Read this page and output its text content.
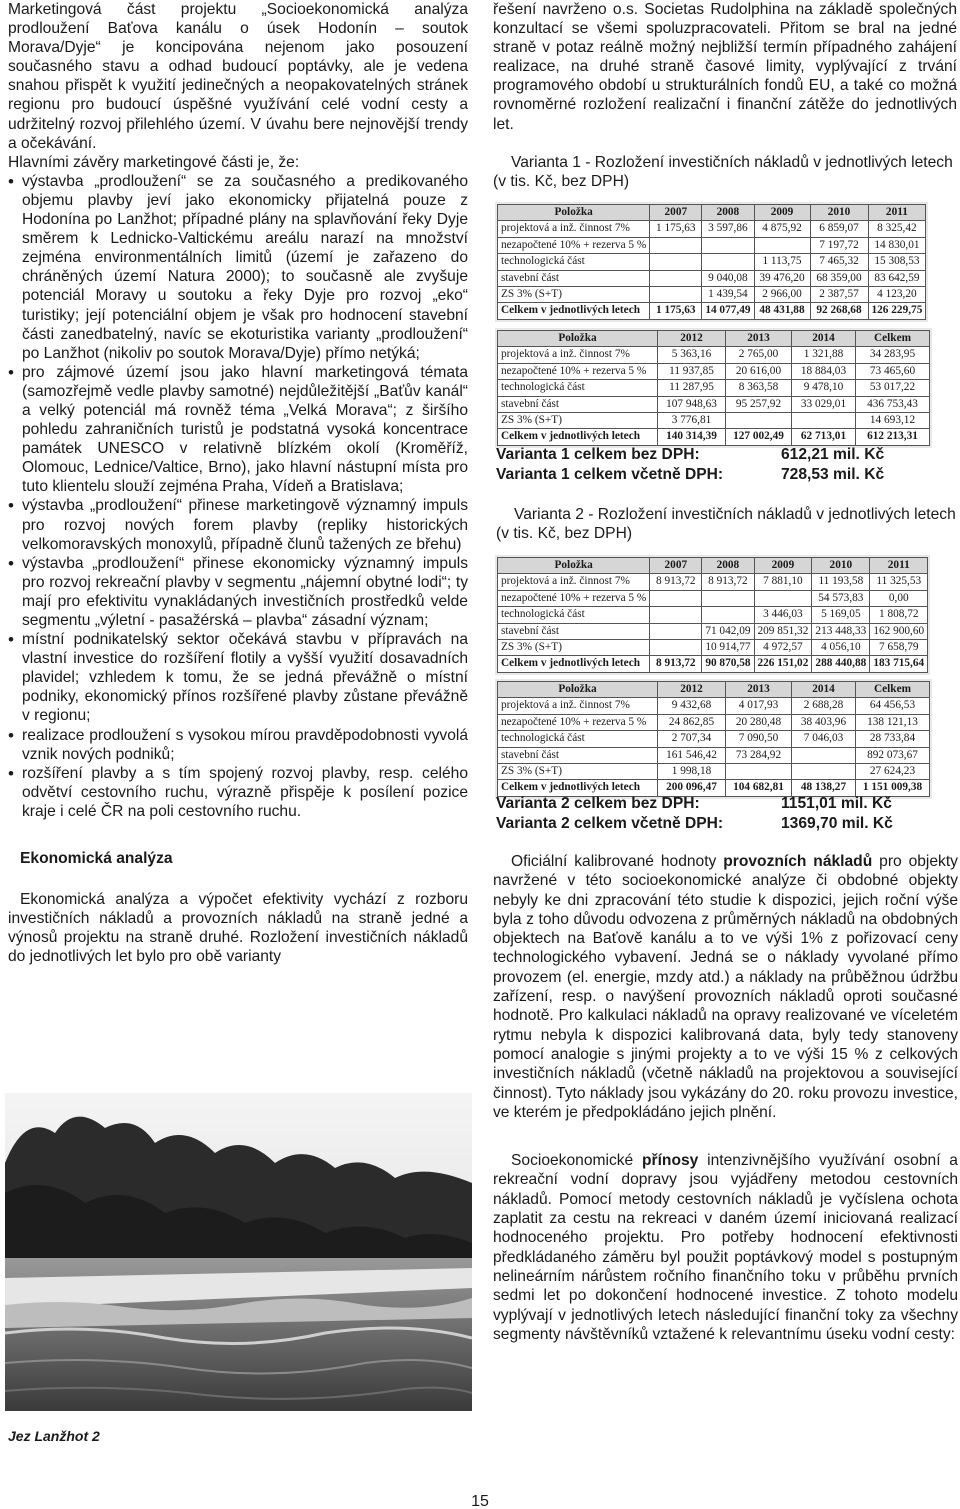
Marketingová část projektu „Socioekonomická analýza prodloužení Baťova kanálu o úsek Hodonín – soutok Morava/Dyje“ je koncipována nejenom jako posouzení současného stavu a odhad budoucí poptávky, ale je vedena snahou přispět k využití jedinečných a neopakovatelných stránek regionu pro budoucí úspěšné využívání celé vodní cesty a udržitelný rozvoj přilehlého území. V úvahu bere nejnovější trendy a očekávání.

Hlavními závěry marketingové části je, že:

• výstavba „prodloužení“ se za současného a predikovaného objemu plavby jeví jako ekonomicky přijatelná pouze z Hodonína po Lanžhot; případné plány na splavňování řeky Dyje směrem k Lednicko-Valtickému areálu narazí na množství zejména environmentálních limitů (území je zařazeno do chráněných území Natura 2000); to současně ale zvyšuje potenciál Moravy u soutoku a řeky Dyje pro rozvoj „eko“ turistiky; její potenciální objem je však pro hodnocení stavební části zanedbatelný, navíc se ekoturistika varianty „prodloužení“ po Lanžhot (nikoliv po soutok Morava/Dyje) přímo netýká;
• pro zájmové území jsou jako hlavní marketingová témata (samozřejmě vedle plavby samotné) nejdůležitější „Baťův kanál“ a velký potenciál má rovněž téma „Velká Morava“; z širšího pohledu zahraničních turistů je podstatná vysoká koncentrace památek UNESCO v relativně blízkém okolí (Kroměříž, Olomouc, Lednice/Valtice, Brno), jako hlavní nástupní místa pro tuto klientelu slouží zejména Praha, Vídeň a Bratislava;
• výstavba „prodloužení“ přinese marketingově významný impuls pro rozvoj nových forem plavby (repliky historických velkomoravských monoxylů, případně člunů tažených ze břehu)
• výstavba „prodloužení“ přinese ekonomicky významný impuls pro rozvoj rekreační plavby v segmentu „nájemní obytné lodi“; ty mají pro efektivitu vynakládaných investičních prostředků velde segmentu „výletní - pasažérská – plavba“ zásadní význam;
• místní podnikatelský sektor očekává stavbu v přípravách na vlastní investice do rozšíření flotily a vyšší využití dosavadních plavidel; vzhledem k tomu, že se jedná převážně o místní podniky, ekonomický přínos rozšířené plavby zůstane převážně v regionu;
• realizace prodloužení s vysokou mírou pravděpodobnosti vyvolá vznik nových podniků;
• rozšíření plavby a s tím spojený rozvoj plavby, resp. celého odvětví cestovního ruchu, výrazně přispěje k posílení pozice kraje i celé ČR na poli cestovního ruchu.
Ekonomická analýza

Ekonomická analýza a výpočet efektivity vychází z rozboru investičních nákladů a provozních nákladů na straně jedné a výnosů projektu na straně druhé. Rozložení investičních nákladů do jednotlivých let bylo pro obě varianty

Jez Lanžhot 2

řešení navrženo o.s. Societas Rudolphina na základě společných konzultací se všemi spoluzpracovateli. Přitom se bral na jedné straně v potaz reálně možný nejbližší termín případného zahájení realizace, na druhé straně časové limity, vyplývající z trvání programového období u strukturálních fondů EU, a také co možná rovnoměrné rozložení realizační i finanční zátěže do jednotlivých let.

Varianta 1 - Rozložení investičních nákladů v jednotlivých letech (v tis. Kč, bez DPH)

Položka	2007	2008	2009	2010	2011
projektová a inž. činnost 7%	1 175,63	3 597,86	4 875,92	6 859,07	8 325,42
nezapočtené 10% + rezerva 5 %				7 197,72	14 830,01
technologická část			1 113,75	7 465,32	15 308,53
stavební část		9 040,08	39 476,20	68 359,00	83 642,59
ZS 3% (S+T)		1 439,54	2 966,00	2 387,57	4 123,20
Celkem v jednotlivých letech	1 175,63	14 077,49	48 431,88	92 268,68	126 229,75
Položka	2012	2013	2014	Celkem
projektová a inž. činnost 7%	5 363,16	2 765,00	1 321,88	34 283,95
nezapočtené 10% + rezerva 5 %	11 937,85	20 616,00	18 884,03	73 465,60
technologická část	11 287,95	8 363,58	9 478,10	53 017,22
stavební část	107 948,63	95 257,92	33 029,01	436 753,43
ZS 3% (S+T)	3 776,81			14 693,12
Celkem v jednotlivých letech	140 314,39	127 002,49	62 713,01	612 213,31
Varianta 1 celkem bez DPH:	612,21 mil. Kč
Varianta 1 celkem včetně DPH:	728,53 mil. Kč

Varianta 2 - Rozložení investičních nákladů v jednotlivých letech (v tis. Kč, bez DPH)

Položka	2007	2008	2009	2010	2011
projektová a inž. činnost 7%	8 913,72	8 913,72	7 881,10	11 193,58	11 325,53
nezapočtené 10% + rezerva 5 %				54 573,83	0,00
technologická část			3 446,03	5 169,05	1 808,72
stavební část		71 042,09	209 851,32	213 448,33	162 900,60
ZS 3% (S+T)		10 914,77	4 972,57	4 056,10	7 658,79
Celkem v jednotlivých letech	8 913,72	90 870,58	226 151,02	288 440,88	183 715,64
Položka	2012	2013	2014	Celkem
projektová a inž. činnost 7%	9 432,68	4 017,93	2 688,28	64 456,53
nezapočtené 10% + rezerva 5 %	24 862,85	20 280,48	38 403,96	138 121,13
technologická část	2 707,34	7 090,50	7 046,03	28 733,84
stavební část	161 546,42	73 284,92		892 073,67
ZS 3% (S+T)	1 998,18			27 624,23
Celkem v jednotlivých letech	200 096,47	104 682,81	48 138,27	1 151 009,38
Varianta 2 celkem bez DPH:	1151,01 mil. Kč
Varianta 2 celkem včetně DPH:	1369,70 mil. Kč

Oficiální kalibrované hodnoty provozních nákladů pro objekty navržené v této socioekonomické analýze či obdobné objekty nebyly ke dni zpracování této studie k dispozici, jejich roční výše byla z toho důvodu odvozena z průměrných nákladů na obdobných objektech na Baťově kanálu a to ve výši 1% z pořizovací ceny technologického vybavení. Jedná se o náklady vyvolané přímo provozem (el. energie, mzdy atd.) a náklady na průběžnou údržbu zařízení, resp. o navýšení provozních nákladů oproti současné hodnotě. Pro kalkulaci nákladů na opravy realizované ve víceletém rytmu nebyla k dispozici kalibrovaná data, byly tedy stanoveny pomocí analogie s jinými projekty a to ve výši 15 % z celkových investičních nákladů (včetně nákladů na projektovou a související činnost). Tyto náklady jsou vykázány do 20. roku provozu investice, ve kterém je předpokládáno jejich plnění.

Socioekonomické přínosy intenzivnějšího využívání osobní a rekreační vodní dopravy jsou vyjádřeny metodou cestovních nákladů. Pomocí metody cestovních nákladů je vyčíslena ochota zaplatit za cestu na rekreaci v daném území iniciovaná realizací hodnoceného projektu. Pro potřeby hodnocení efektivnosti předkládaného záměru byl použit poptávkový model s postupným nelineárním nárůstem ročního finančního toku v průběhu prvních sedmi let po dokončení hodnocené investice. Z tohoto modelu vyplývají v jednotlivých letech následující finanční toky za všechny segmenty návštěvníků vztažené k relevantnímu úseku vodní cesty:

15
